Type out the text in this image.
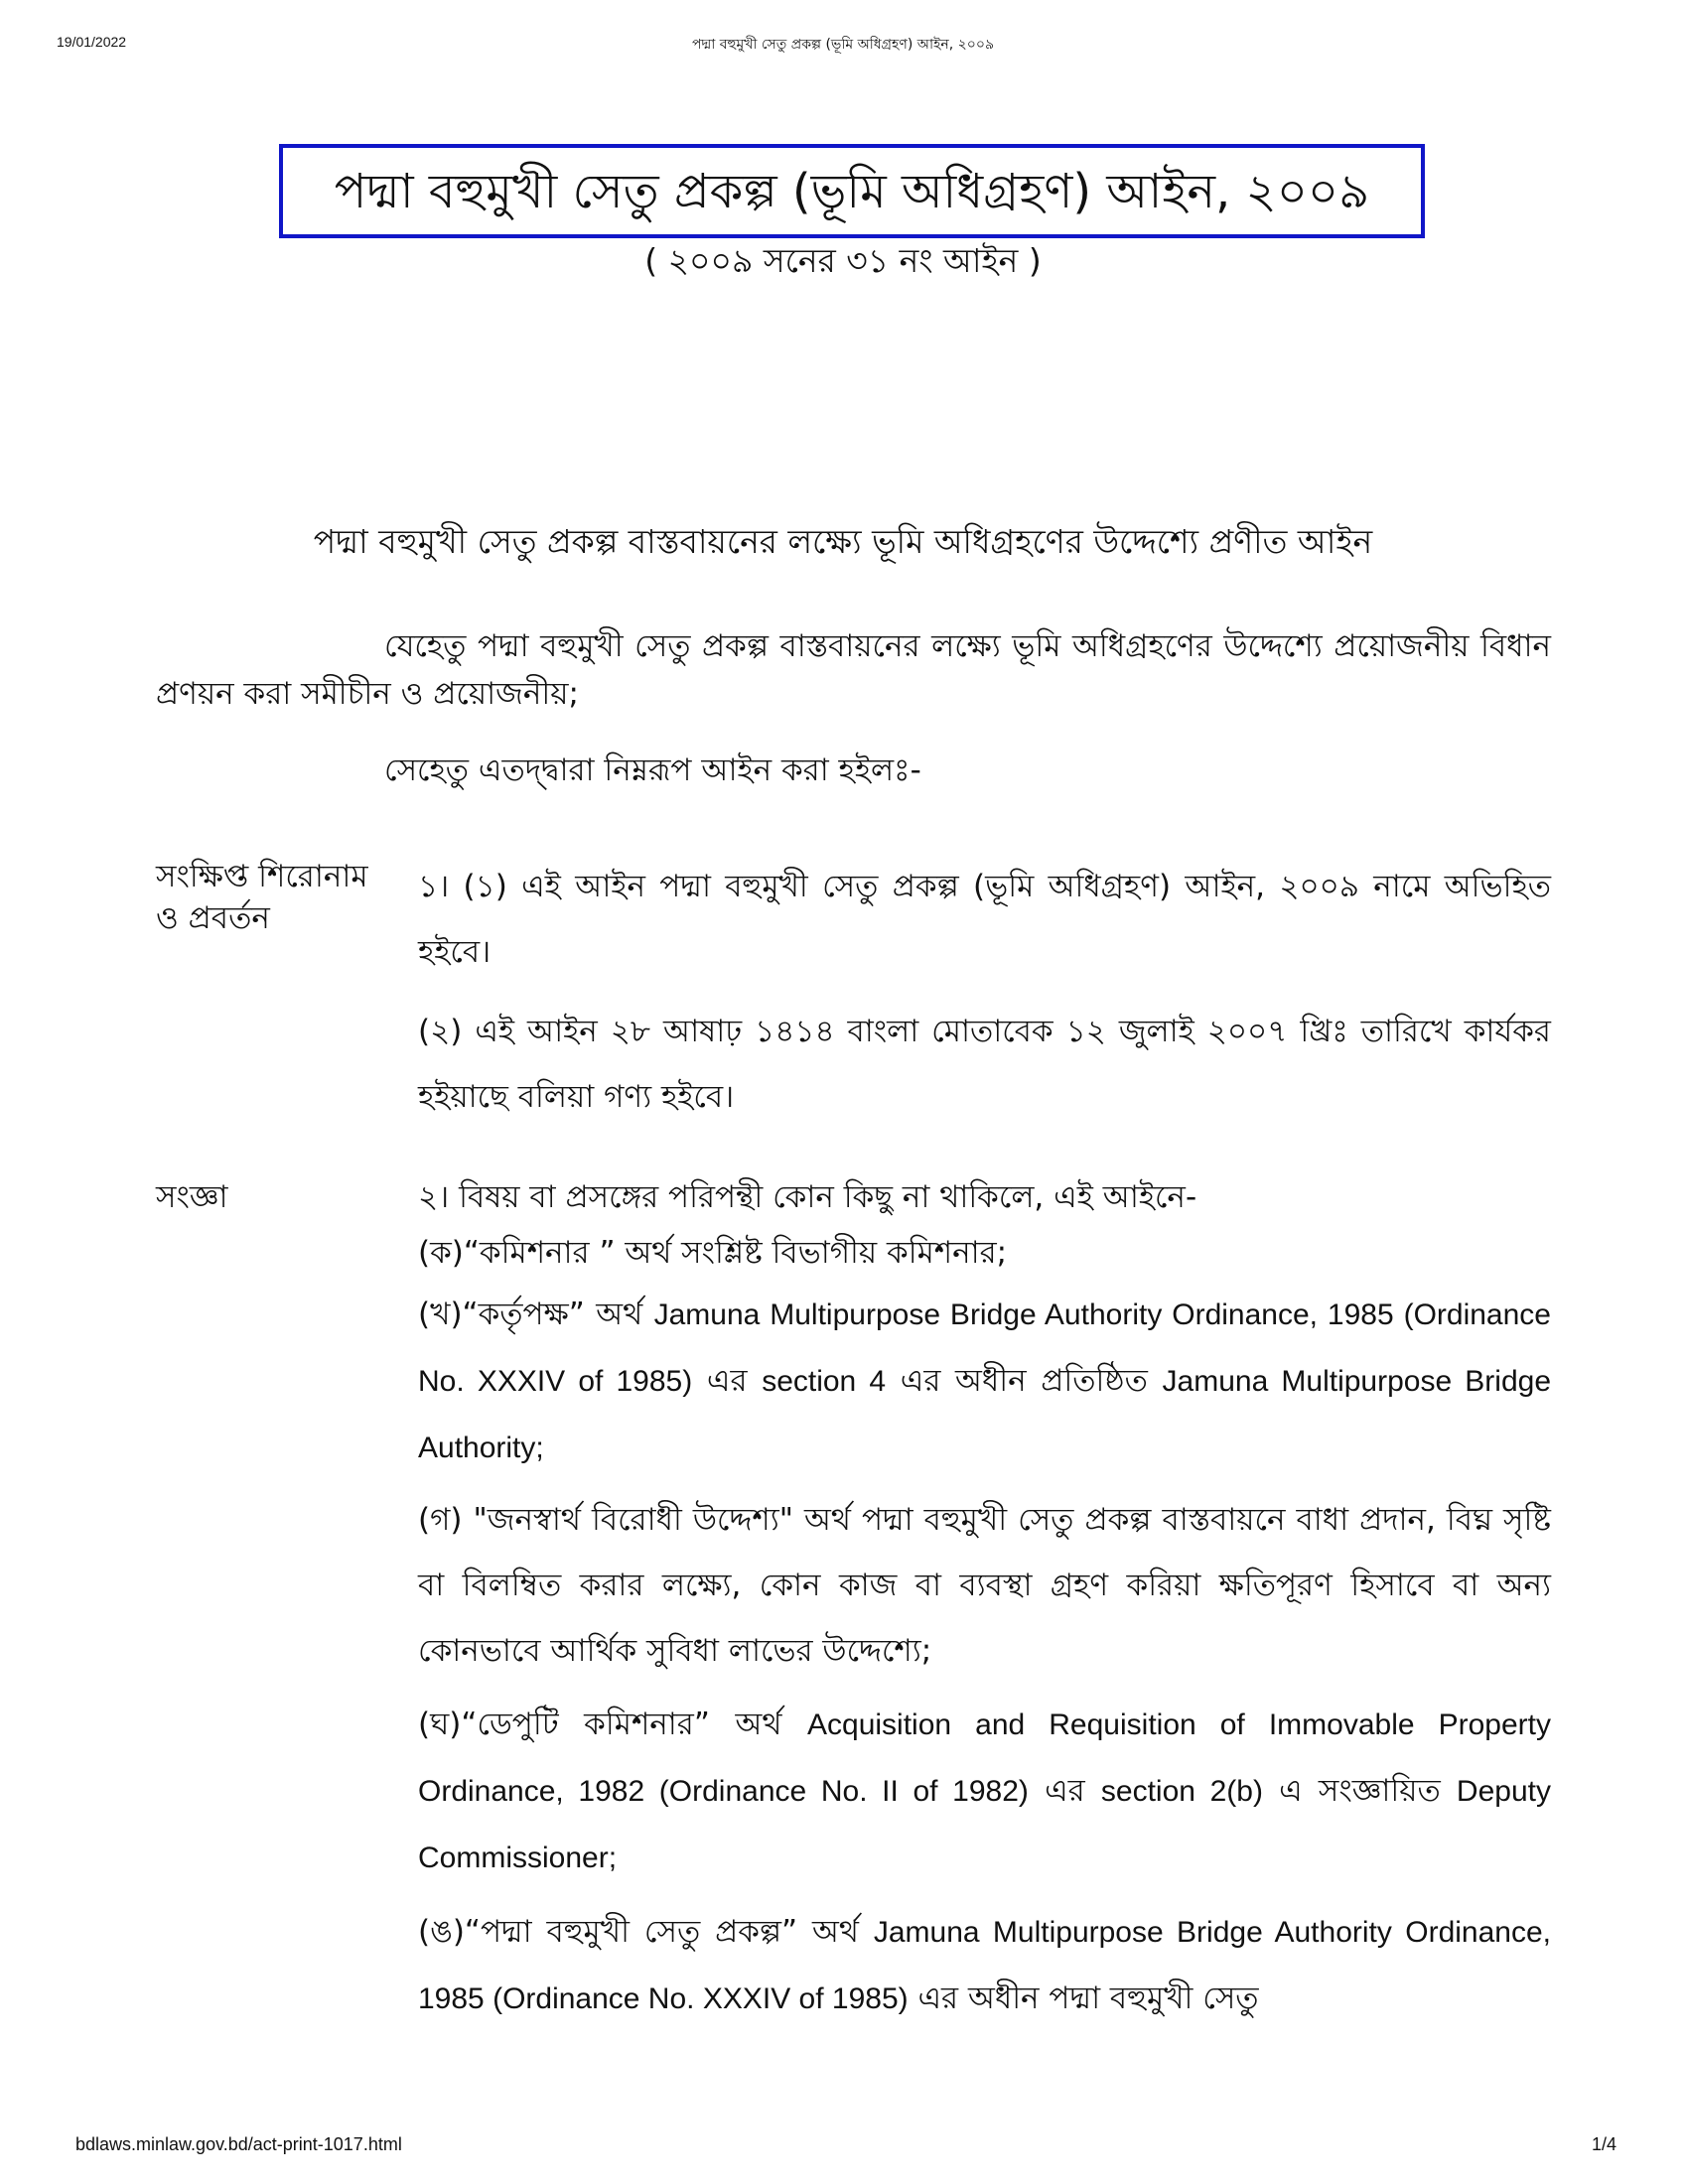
19/01/2022	পদ্মা বহুমুখী সেতু প্রকল্প (ভূমি অধিগ্রহণ) আইন, ২০০৯
পদ্মা বহুমুখী সেতু প্রকল্প (ভূমি অধিগ্রহণ) আইন, ২০০৯
( ২০০৯ সনের ৩১ নং আইন )
পদ্মা বহুমুখী সেতু প্রকল্প বাস্তবায়নের লক্ষ্যে ভূমি অধিগ্রহণের উদ্দেশ্যে প্রণীত আইন
যেহেতু পদ্মা বহুমুখী সেতু প্রকল্প বাস্তবায়নের লক্ষ্যে ভূমি অধিগ্রহণের উদ্দেশ্যে প্রয়োজনীয় বিধান প্রণয়ন করা সমীচীন ও প্রয়োজনীয়;
সেহেতু এতদ্‌দ্বারা নিম্নরূপ আইন করা হইলঃ-
সংক্ষিপ্ত শিরোনাম ও প্রবর্তন

১। (১) এই আইন পদ্মা বহুমুখী সেতু প্রকল্প (ভূমি অধিগ্রহণ) আইন, ২০০৯ নামে অভিহিত হইবে।

(২) এই আইন ২৮ আষাঢ় ১৪১৪ বাংলা মোতাবেক ১২ জুলাই ২০০৭ খ্রিঃ তারিখে কার্যকর হইয়াছে বলিয়া গণ্য হইবে।

সংজ্ঞা	২। বিষয় বা প্রসঙ্গের পরিপন্থী কোন কিছু না থাকিলে, এই আইনে-

(ক)“কমিশনার ” অর্থ সংশ্লিষ্ট বিভাগীয় কমিশনার;

(খ)“কর্তৃপক্ষ” অর্থ Jamuna Multipurpose Bridge Authority Ordinance, 1985 (Ordinance No. XXXIV of 1985) এর section 4 এর অধীন প্রতিষ্ঠিত Jamuna Multipurpose Bridge Authority;

(গ) "জনস্বার্থ বিরোধী উদ্দেশ্য" অর্থ পদ্মা বহুমুখী সেতু প্রকল্প বাস্তবায়নে বাধা প্রদান, বিঘ্ন সৃষ্টি বা বিলম্বিত করার লক্ষ্যে, কোন কাজ বা ব্যবস্থা গ্রহণ করিয়া ক্ষতিপূরণ হিসাবে বা অন্য কোনভাবে আর্থিক সুবিধা লাভের উদ্দেশ্যে;

(ঘ)“ডেপুটি কমিশনার” অর্থ Acquisition and Requisition of Immovable Property Ordinance, 1982 (Ordinance No. II of 1982) এর section 2(b) এ সংজ্ঞায়িত Deputy Commissioner;

(ঙ)“পদ্মা বহুমুখী সেতু প্রকল্প” অর্থ Jamuna Multipurpose Bridge Authority Ordinance, 1985 (Ordinance No. XXXIV of 1985) এর অধীন পদ্মা বহুমুখী সেতু

bdlaws.minlaw.gov.bd/act-print-1017.html	1/4
